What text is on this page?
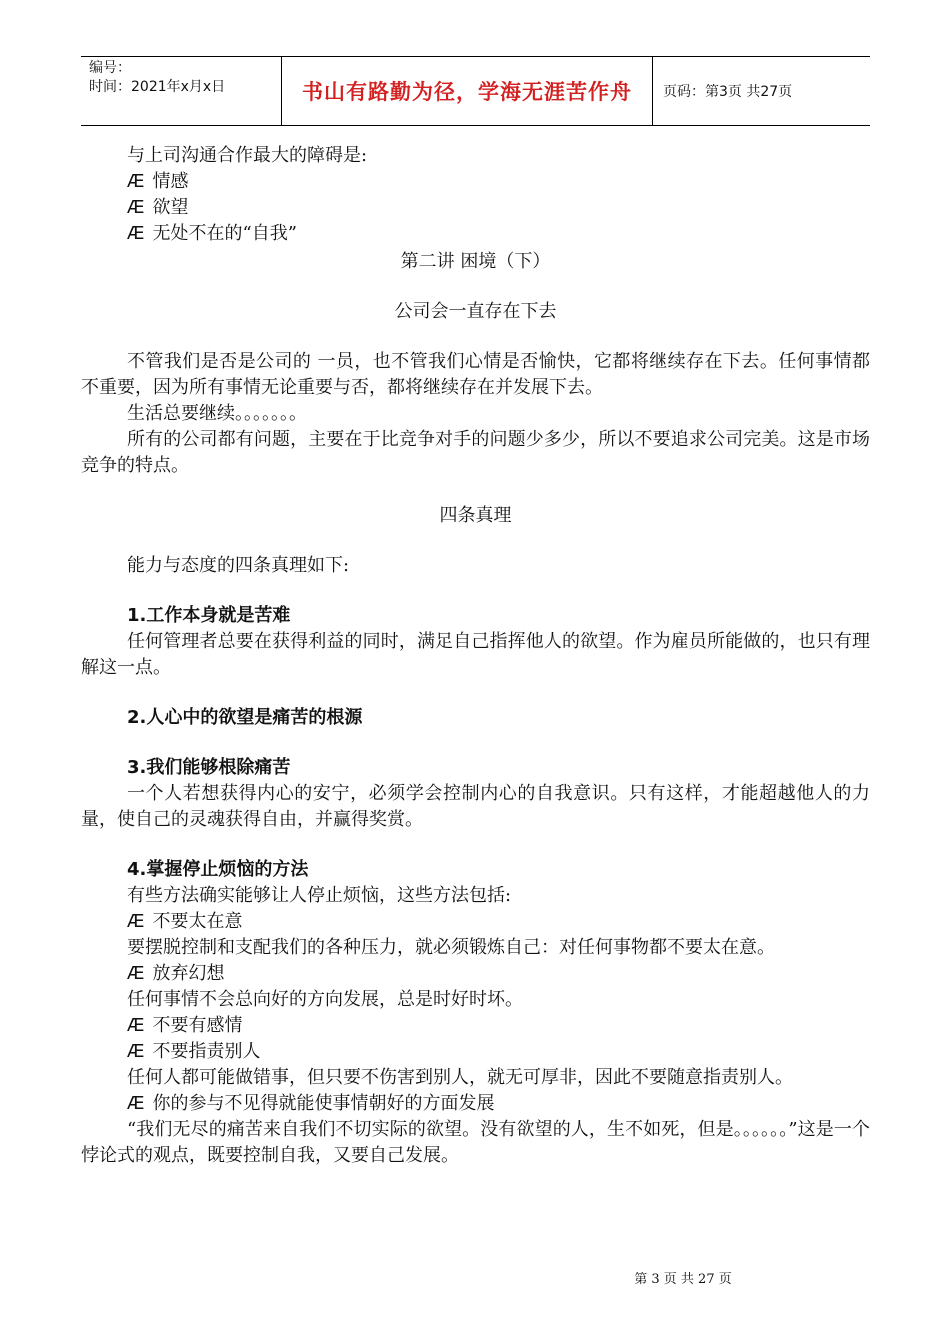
编号：
时间：2021年x月x日	书山有路勤为径，学海无涯苦作舟	页码：第3页 共27页

与上司沟通合作最大的障碍是:

Æ 情感

Æ 欲望

Æ 无处不在的“自我”

第二讲 困境（下）

公司会一直存在下去

不管我们是否是公司的 一员，也不管我们心情是否愉快，它都将继续存在下去。任何事情都不重要，因为所有事情无论重要与否，都将继续存在并发展下去。

生活总要继续。。。。。。。

所有的公司都有问题，主要在于比竞争对手的问题少多少，所以不要追求公司完美。这是市场竞争的特点。

四条真理

能力与态度的四条真理如下:

1.工作本身就是苦难

任何管理者总要在获得利益的同时，满足自己指挥他人的欲望。作为雇员所能做的，也只有理解这一点。

2.人心中的欲望是痛苦的根源

3.我们能够根除痛苦

一个人若想获得内心的安宁，必须学会控制内心的自我意识。只有这样，才能超越他人的力量，使自己的灵魂获得自由，并赢得奖赏。

4.掌握停止烦恼的方法

有些方法确实能够让人停止烦恼，这些方法包括:

Æ 不要太在意

要摆脱控制和支配我们的各种压力，就必须锻炼自己：对任何事物都不要太在意。

Æ 放弃幻想

任何事情不会总向好的方向发展，总是时好时坏。

Æ 不要有感情

Æ 不要指责别人

任何人都可能做错事，但只要不伤害到别人，就无可厚非，因此不要随意指责别人。

Æ 你的参与不见得就能使事情朝好的方面发展

“我们无尽的痛苦来自我们不切实际的欲望。没有欲望的人，生不如死，但是。。。。。。”这是一个悖论式的观点，既要控制自我，又要自己发展。

第 3 页 共 27 页
